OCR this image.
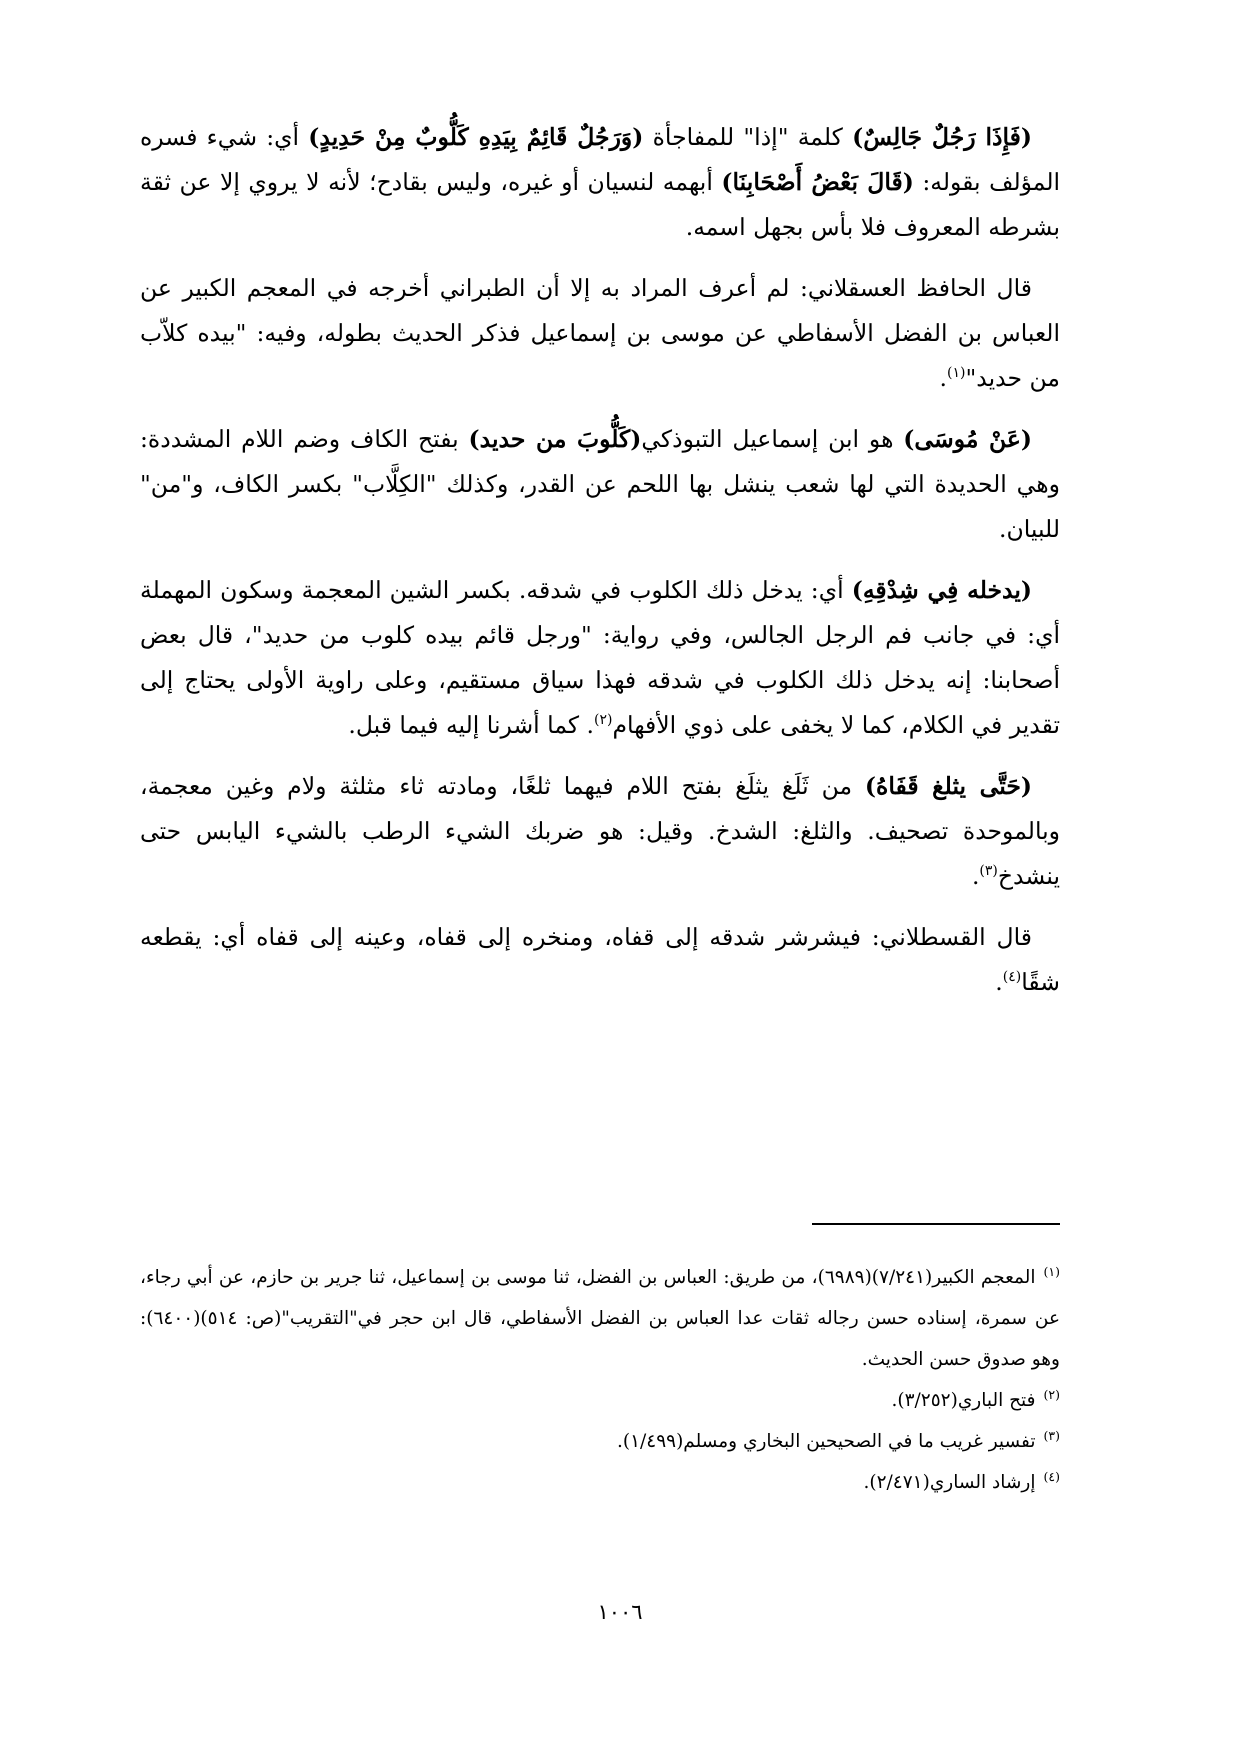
(فَإِذَا رَجُلٌ جَالِسٌ) كلمة "إذا" للمفاجأة (وَرَجُلٌ قَائِمٌ بِيَدِهِ كَلُّوبٌ مِنْ حَدِيدٍ) أي: شيء فسره المؤلف بقوله: (قَالَ بَعْضُ أَصْحَابِنَا) أبهمه لنسيان أو غيره، وليس بقادح؛ لأنه لا يروي إلا عن ثقة بشرطه المعروف فلا بأس بجهل اسمه.

قال الحافظ العسقلاني: لم أعرف المراد به إلا أن الطبراني أخرجه في المعجم الكبير عن العباس بن الفضل الأسفاطي عن موسى بن إسماعيل فذكر الحديث بطوله، وفيه: "بيده كلاّب من حديد"$^{(١)}$.

(عَنْ مُوسَى) هو ابن إسماعيل التبوذكي(كَلُّوبَ من حديد) بفتح الكاف وضم اللام المشددة: وهي الحديدة التي لها شعب ينشل بها اللحم عن القدر، وكذلك "الكِلَّاب" بكسر الكاف، و"من" للبيان.

(يدخله فِي شِدْقِهِ) أي: يدخل ذلك الكلوب في شدقه. بكسر الشين المعجمة وسكون المهملة أي: في جانب فم الرجل الجالس، وفي رواية: "ورجل قائم بيده كلوب من حديد"، قال بعض أصحابنا: إنه يدخل ذلك الكلوب في شدقه فهذا سياق مستقيم، وعلى راوية الأولى يحتاج إلى تقدير في الكلام، كما لا يخفى على ذوي الأفهام$^{(٢)}$. كما أشرنا إليه فيما قبل.

(حَتَّى يثلغ قَفَاهُ) من ثَلَغ يثلَغ بفتح اللام فيهما ثلغًا، ومادته ثاء مثلثة ولام وغين معجمة، وبالموحدة تصحيف. والثلغ: الشدخ. وقيل: هو ضربك الشيء الرطب بالشيء اليابس حتى ينشدخ$^{(٣)}$.

قال القسطلاني: فيشرشر شدقه إلى قفاه، ومنخره إلى قفاه، وعينه إلى قفاه أي: يقطعه شقًا$^{(٤)}$.

$^{(١)}$المعجم الكبير(٧/٢٤١)(٦٩٨٩)، من طريق: العباس بن الفضل، ثنا موسى بن إسماعيل، ثنا جرير بن حازم، عن أبي رجاء، عن سمرة، إسناده حسن رجاله ثقات عدا العباس بن الفضل الأسفاطي، قال ابن حجر في"التقريب"(ص: ٥١٤)(٦٤٠٠): وهو صدوق حسن الحديث.

$^{(٢)}$فتح الباري(٣/٢٥٢).

$^{(٣)}$تفسير غريب ما في الصحيحين البخاري ومسلم(١/٤٩٩).

$^{(٤)}$إرشاد الساري(٢/٤٧١).

١٠٠٦
